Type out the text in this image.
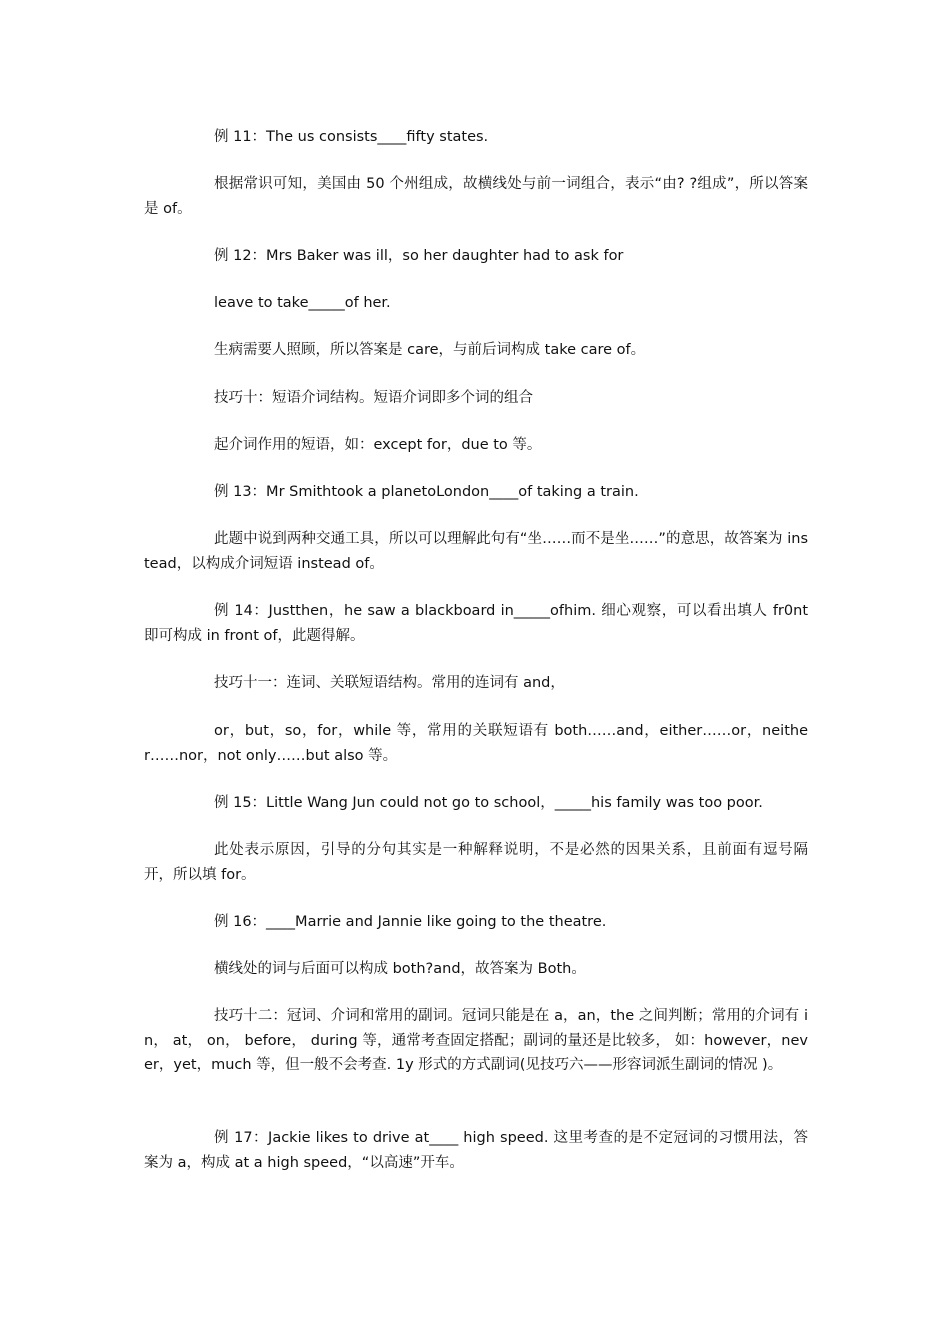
例 11：The us consists____fifty states.

根据常识可知，美国由 50 个州组成，故横线处与前一词组合，表示“由? ?组成”，所以答案是 of。

例 12：Mrs Baker was ill，so her daughter had to ask for

leave to take_____of her.

生病需要人照顾，所以答案是 care，与前后词构成 take care of。

技巧十：短语介词结构。短语介词即多个词的组合

起介词作用的短语，如：except for，due to 等。

例 13：Mr Smithtook a planetoLondon____of taking a train.

此题中说到两种交通工具，所以可以理解此句有“坐……而不是坐……”的意思，故答案为 instead，以构成介词短语 instead of。

例 14：Justthen，he saw a blackboard in_____ofhim. 细心观察，可以看出填人 fr0nt 即可构成 in front of，此题得解。

技巧十一：连词、关联短语结构。常用的连词有 and，

or，but，so，for，while 等，常用的关联短语有 both……and，either……or，neither……nor，not only……but also 等。

例 15：Little Wang Jun could not go to school，_____his family was too poor.

此处表示原因，引导的分句其实是一种解释说明，不是必然的因果关系，且前面有逗号隔开，所以填 for。

例 16：____Marrie and Jannie like going to the theatre.

横线处的词与后面可以构成 both?and，故答案为 Both。

技巧十二：冠词、介词和常用的副词。冠词只能是在 a，an，the 之间判断；常用的介词有 in， at， on， before， during 等，通常考查固定搭配；副词的量还是比较多， 如：however，never，yet，much 等，但一般不会考查. 1y 形式的方式副词(见技巧六——形容词派生副词的情况 )。

例 17：Jackie likes to drive at____ high speed. 这里考查的是不定冠词的习惯用法，答案为 a，构成 at a high speed，“以高速”开车。
